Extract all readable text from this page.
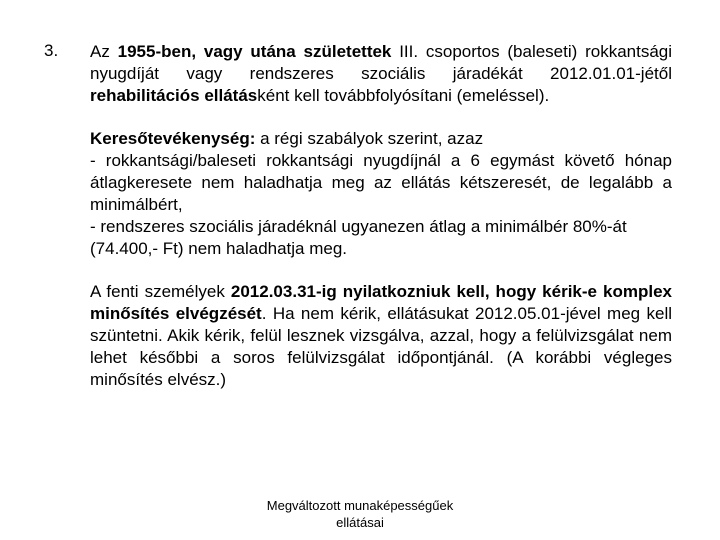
3. Az 1955-ben, vagy utána születettek III. csoportos (baleseti) rokkantsági nyugdíját vagy rendszeres szociális járadékát 2012.01.01-jétől rehabilitációs ellátásként kell továbbfolyósítani (emeléssel).

Keresőtevékenység: a régi szabályok szerint, azaz

- rokkantsági/baleseti rokkantsági nyugdíjnál a 6 egymást követő hónap átlagkeresete nem haladhatja meg az ellátás kétszeresét, de legalább a minimálbért,
- rendszeres szociális járadéknál ugyanezen átlag a minimálbér 80%-át (74.400,- Ft) nem haladhatja meg.

A fenti személyek 2012.03.31-ig nyilatkozniuk kell, hogy kérik-e komplex minősítés elvégzését. Ha nem kérik, ellátásukat 2012.05.01-jével meg kell szüntetni. Akik kérik, felül lesznek vizsgálva, azzal, hogy a felülvizsgálat nem lehet későbbi a soros felülvizsgálat időpontjánál. (A korábbi végleges minősítés elvész.)

Megváltozott munaképességűek
ellátásai
